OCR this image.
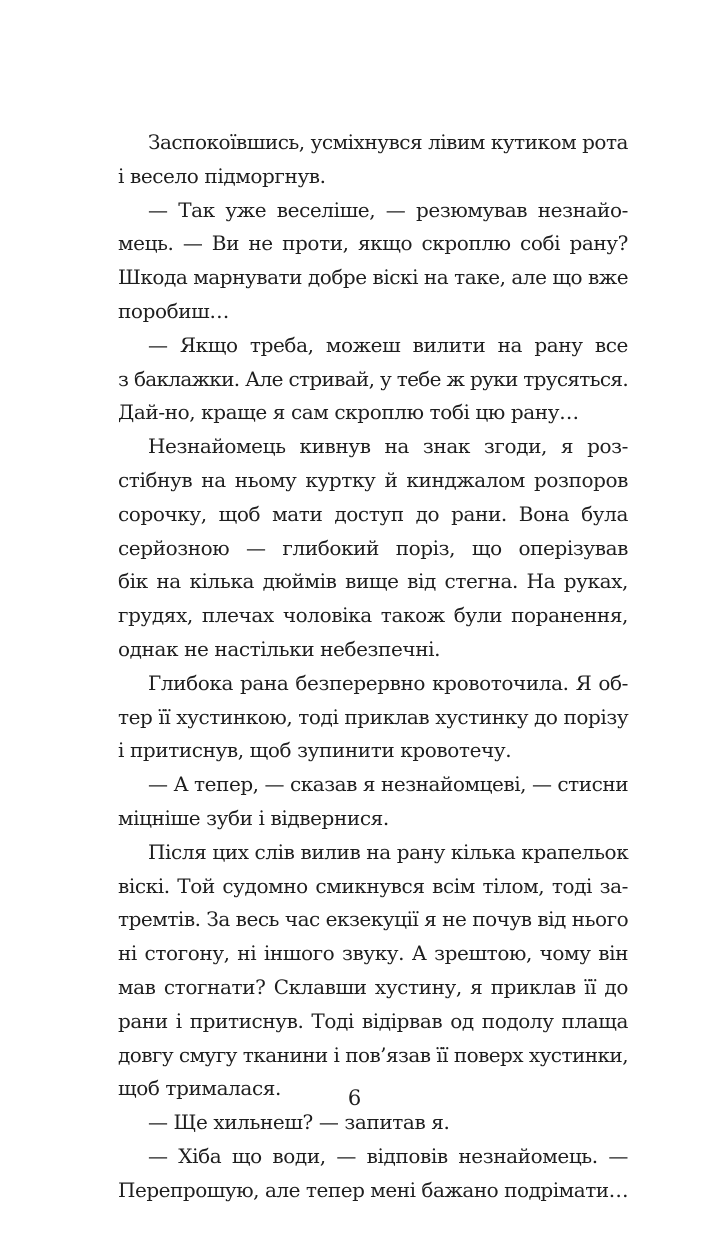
Заспокоївшись, усміхнувся лівим кутиком рота
і весело підморгнув.
— Так уже веселіше, — резюмував незнайо-
мець. — Ви не проти, якщо скроплю собі рану?
Шкода марнувати добре віскі на таке, але що вже
поробиш…
— Якщо треба, можеш вилити на рану все
з баклажки. Але стривай, у тебе ж руки трусяться.
Дай-но, краще я сам скроплю тобі цю рану…
Незнайомець кивнув на знак згоди, я роз-
стібнув на ньому куртку й кинджалом розпоров
сорочку, щоб мати доступ до рани. Вона була
серйозною — глибокий поріз, що оперізував
бік на кілька дюймів вище від стегна. На руках,
грудях, плечах чоловіка також були поранення,
однак не настільки небезпечні.
Глибока рана безперервно кровоточила. Я об-
тер її хустинкою, тоді приклав хустинку до порізу
і притиснув, щоб зупинити кровотечу.
— А тепер, — сказав я незнайомцеві, — стисни
міцніше зуби і відвернися.
Після цих слів вилив на рану кілька крапельок
віскі. Той судомно смикнувся всім тілом, тоді за-
тремтів. За весь час екзекуції я не почув від нього
ні стогону, ні іншого звуку. А зрештою, чому він
мав стогнати? Склавши хустину, я приклав її до
рани і притиснув. Тоді відірвав од подолу плаща
довгу смугу тканини і пов’язав її поверх хустинки,
щоб трималася.
— Ще хильнеш? — запитав я.
— Хіба що води, — відповів незнайомець. —
Перепрошую, але тепер мені бажано подрімати…
6
